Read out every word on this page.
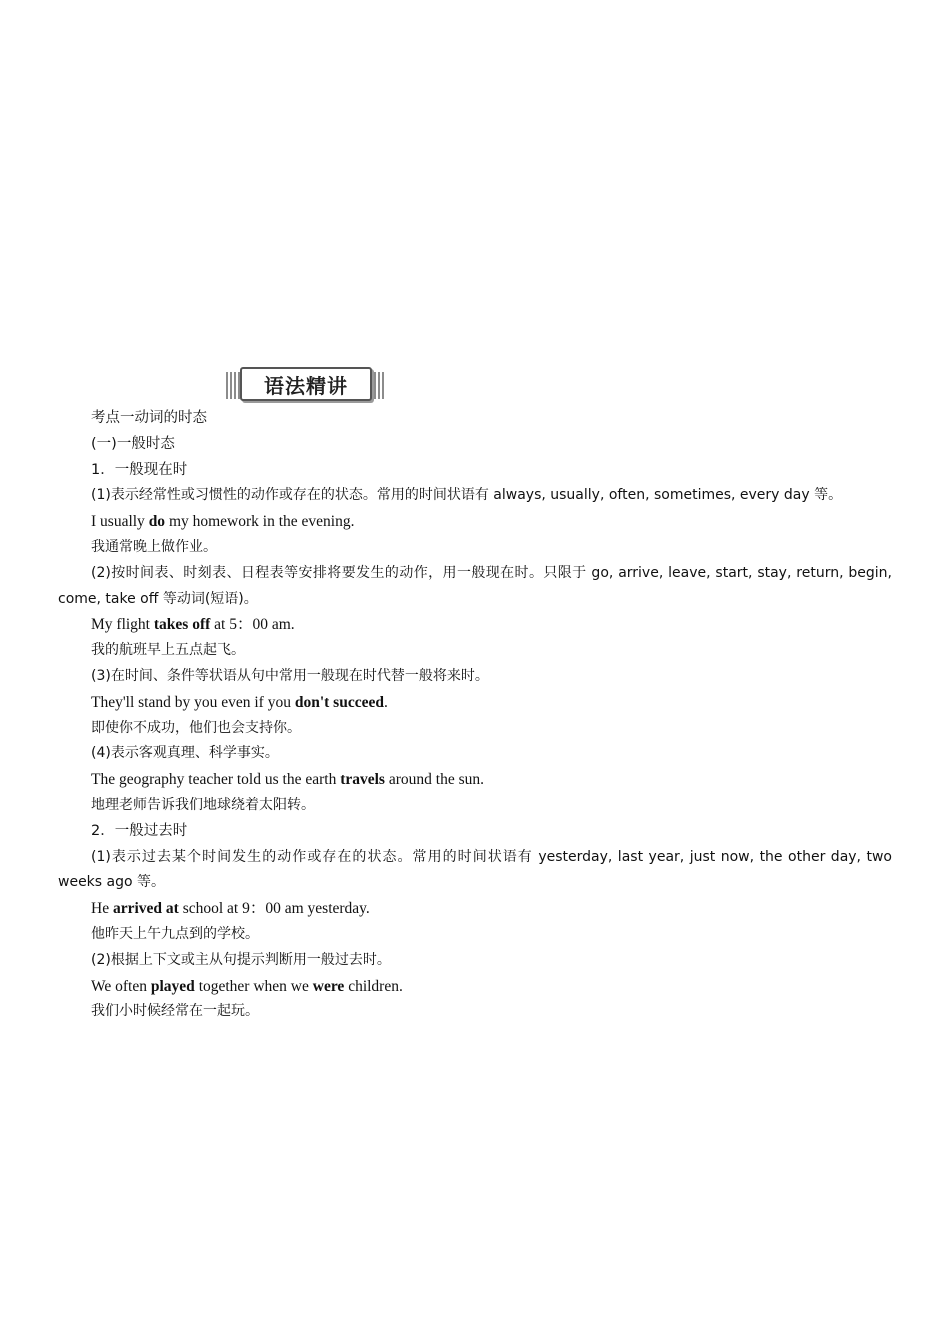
语法精讲
考点一动词的时态
(一)一般时态
1．一般现在时
(1)表示经常性或习惯性的动作或存在的状态。常用的时间状语有 always, usually, often, sometimes, every day 等。
I usually do my homework in the evening.
我通常晚上做作业。
(2)按时间表、时刻表、日程表等安排将要发生的动作，用一般现在时。只限于 go, arrive, leave, start, stay, return, begin, come, take off 等动词(短语)。
My flight takes off at 5：00 am.
我的航班早上五点起飞。
(3)在时间、条件等状语从句中常用一般现在时代替一般将来时。
They'll stand by you even if you don't succeed.
即使你不成功，他们也会支持你。
(4)表示客观真理、科学事实。
The geography teacher told us the earth travels around the sun.
地理老师告诉我们地球绕着太阳转。
2．一般过去时
(1)表示过去某个时间发生的动作或存在的状态。常用的时间状语有 yesterday, last year, just now, the other day, two weeks ago 等。
He arrived at school at 9：00 am yesterday.
他昨天上午九点到的学校。
(2)根据上下文或主从句提示判断用一般过去时。
We often played together when we were children.
我们小时候经常在一起玩。
